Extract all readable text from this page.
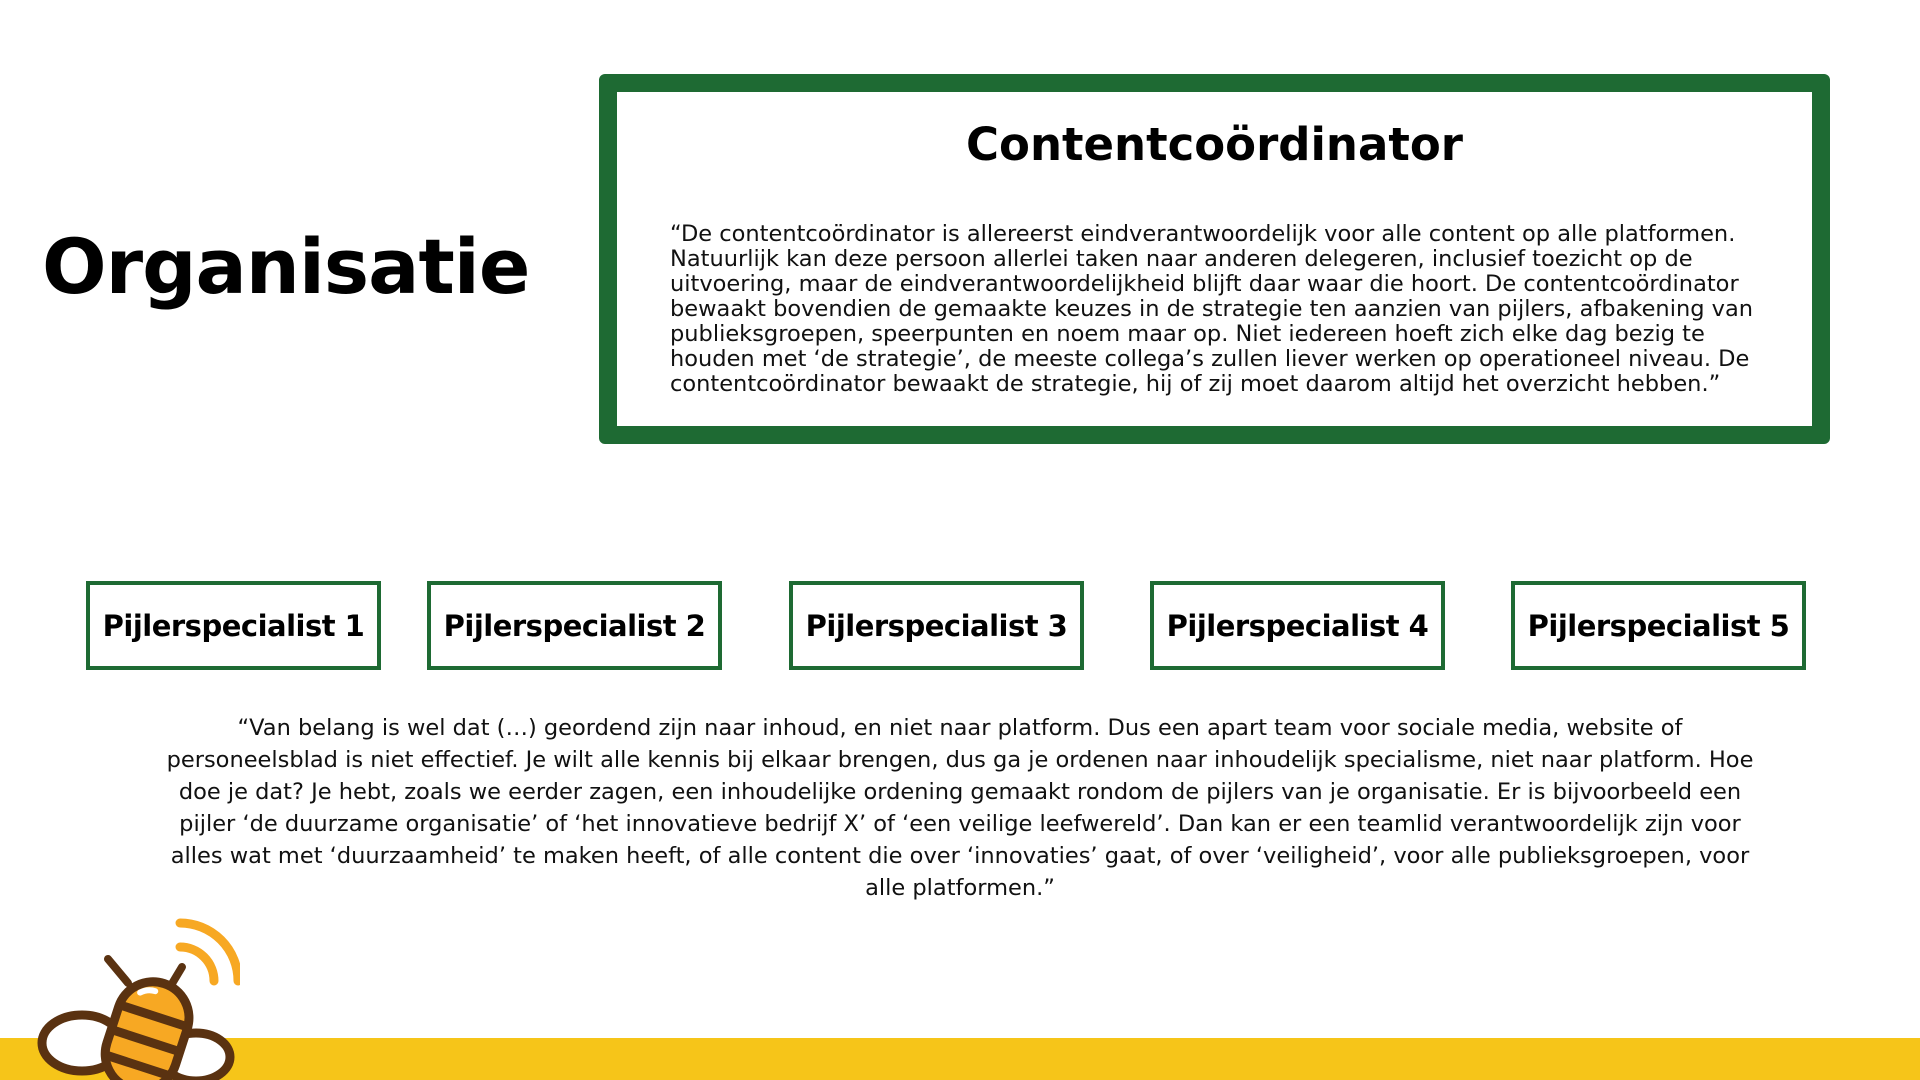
Organisatie
Contentcoördinator

“De contentcoördinator is allereerst eindverantwoordelijk voor alle content op alle platformen. Natuurlijk kan deze persoon allerlei taken naar anderen delegeren, inclusief toezicht op de uitvoering, maar de eindverantwoordelijkheid blijft daar waar die hoort. De contentcoördinator bewaakt bovendien de gemaakte keuzes in de strategie ten aanzien van pijlers, afbakening van publieksgroepen, speerpunten en noem maar op. Niet iedereen hoeft zich elke dag bezig te houden met ‘de strategie’, de meeste collega’s zullen liever werken op operationeel niveau. De contentcoördinator bewaakt de strategie, hij of zij moet daarom altijd het overzicht hebben.”

Pijlerspecialist 1	Pijlerspecialist 2	Pijlerspecialist 3	Pijlerspecialist 4	Pijlerspecialist 5

“Van belang is wel dat (…) geordend zijn naar inhoud, en niet naar platform. Dus een apart team voor sociale media, website of personeelsblad is niet effectief. Je wilt alle kennis bij elkaar brengen, dus ga je ordenen naar inhoudelijk specialisme, niet naar platform. Hoe doe je dat? Je hebt, zoals we eerder zagen, een inhoudelijke ordening gemaakt rondom de pijlers van je organisatie. Er is bijvoorbeeld een pijler ‘de duurzame organisatie’ of ‘het innovatieve bedrijf X’ of ‘een veilige leefwereld’. Dan kan er een teamlid verantwoordelijk zijn voor alles wat met ‘duurzaamheid’ te maken heeft, of alle content die over ‘innovaties’ gaat, of over ‘veiligheid’, voor alle publieksgroepen, voor alle platformen.”
